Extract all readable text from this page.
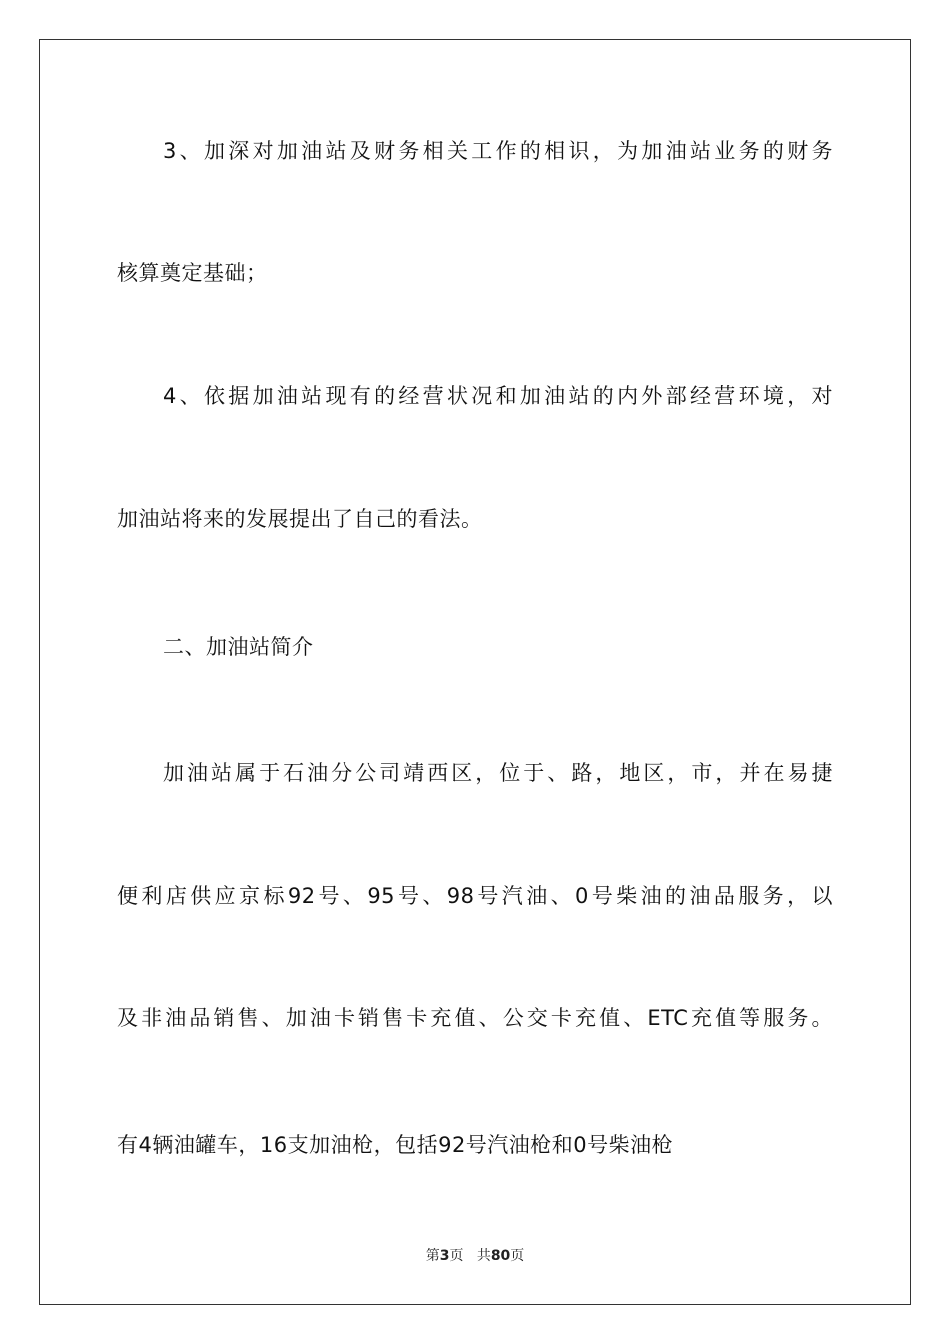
3、加深对加油站及财务相关工作的相识，为加油站业务的财务
核算奠定基础；
4、依据加油站现有的经营状况和加油站的内外部经营环境，对
加油站将来的发展提出了自己的看法。
二、加油站简介
加油站属于石油分公司靖西区，位于、路，地区，市，并在易捷
便利店供应京标92号、95号、98号汽油、0号柴油的油品服务，以
及非油品销售、加油卡销售卡充值、公交卡充值、ETC充值等服务。
有4辆油罐车，16支加油枪，包括92号汽油枪和0号柴油枪
第3页 共80页
